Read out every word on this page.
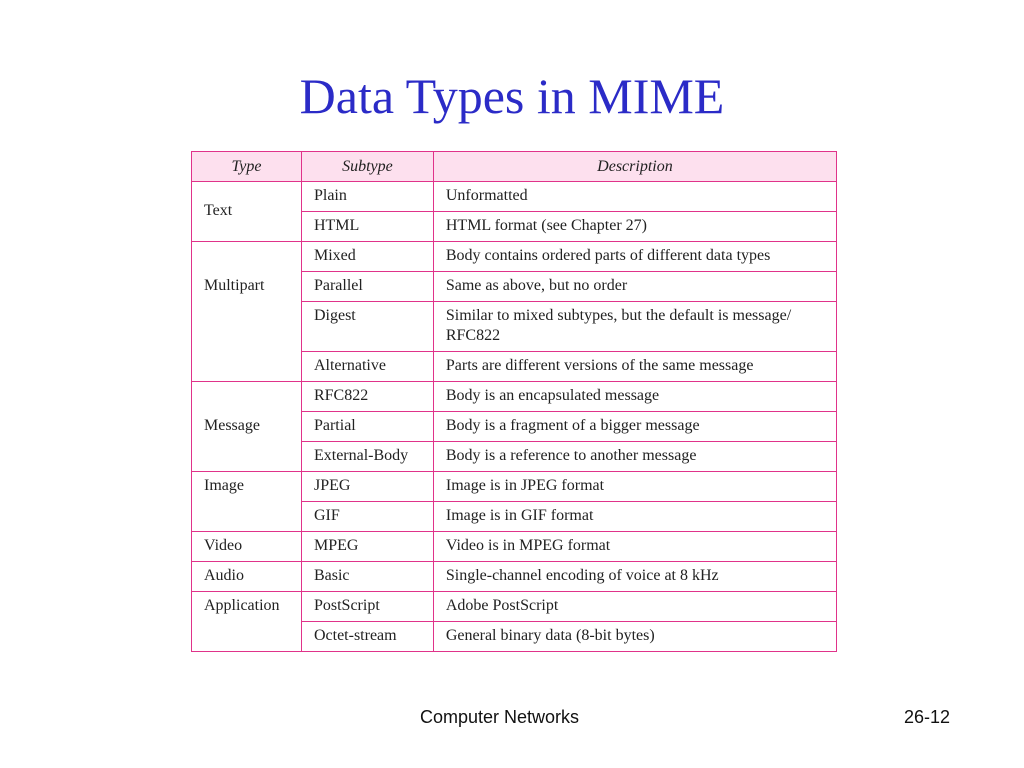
Data Types in MIME
Type	Subtype	Description
Text	Plain	Unformatted
	HTML	HTML format (see Chapter 27)
Multipart	Mixed	Body contains ordered parts of different data types
	Parallel	Same as above, but no order
	Digest	Similar to mixed subtypes, but the default is message/ RFC822
	Alternative	Parts are different versions of the same message
Message	RFC822	Body is an encapsulated message
	Partial	Body is a fragment of a bigger message
	External-Body	Body is a reference to another message
Image	JPEG	Image is in JPEG format
	GIF	Image is in GIF format
Video	MPEG	Video is in MPEG format
Audio	Basic	Single-channel encoding of voice at 8 kHz
Application	PostScript	Adobe PostScript
	Octet-stream	General binary data (8-bit bytes)
Computer Networks	26-12
